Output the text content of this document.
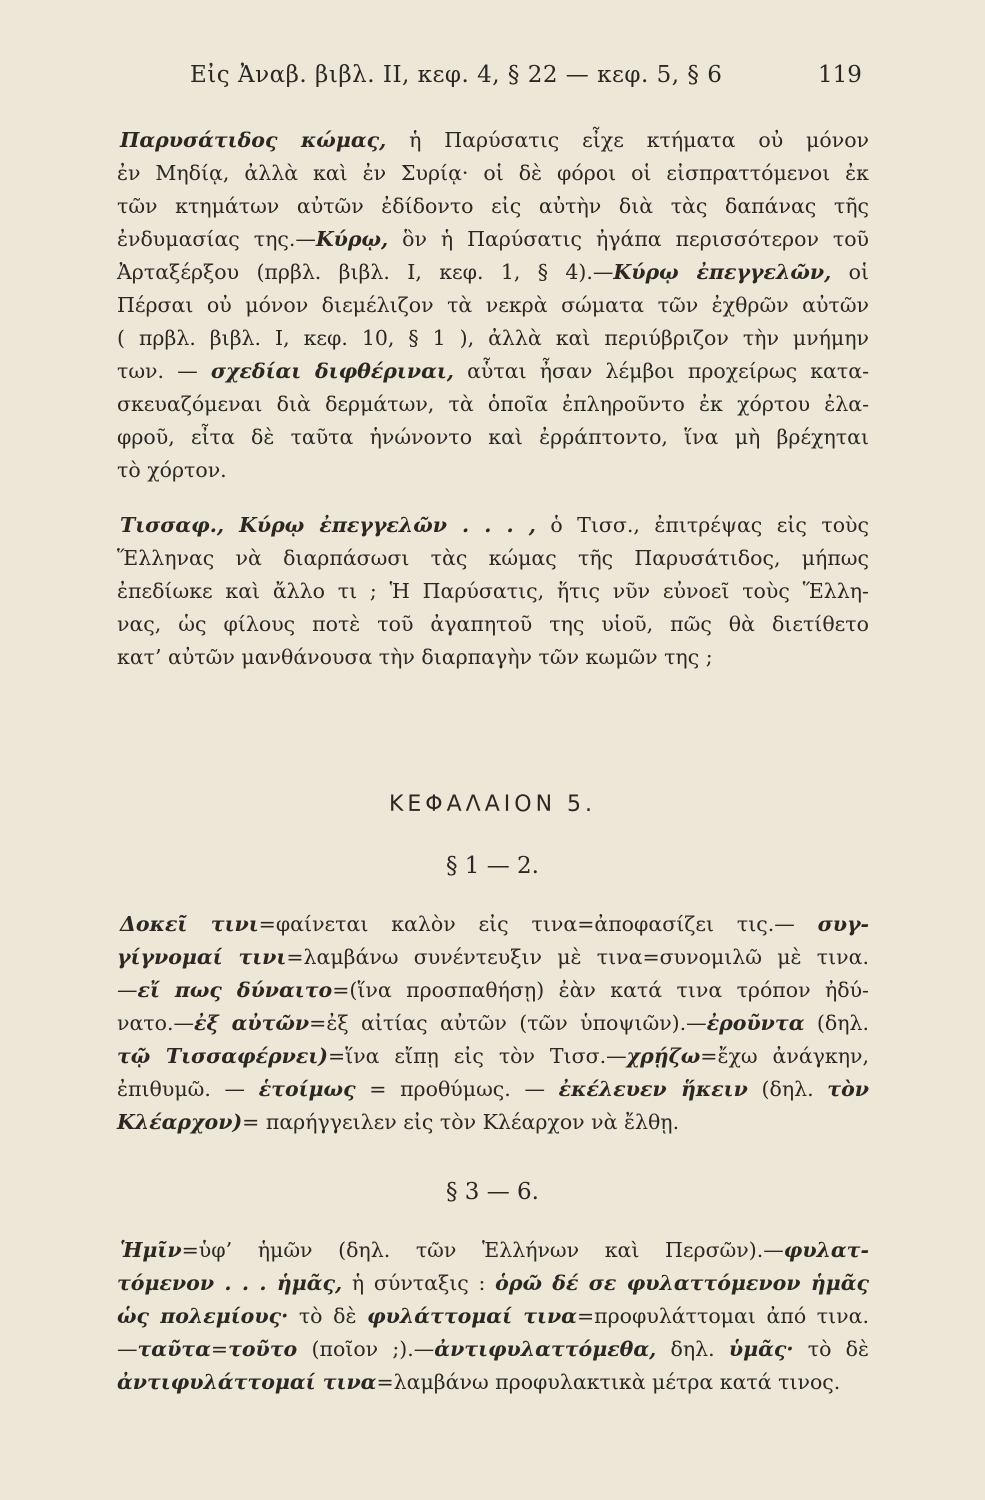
Εἰς Ἀναβ. βιβλ. II, κεφ. 4, § 22 — κεφ. 5, § 6	119
Παρυσάτιδος κώμας, ἡ Παρύσατις εἶχε κτήματα οὐ μόνον
ἐν Μηδίᾳ, ἀλλὰ καὶ ἐν Συρίᾳ· οἱ δὲ φόροι οἱ εἰσπραττόμενοι ἐκ
τῶν κτημάτων αὐτῶν ἐδίδοντο εἰς αὐτὴν διὰ τὰς δαπάνας τῆς
ἐνδυμασίας της.—Κύρῳ, ὃν ἡ Παρύσατις ἠγάπα περισσότερον τοῦ
Ἀρταξέρξου (πρβλ. βιβλ. I, κεφ. 1, § 4).—Κύρῳ ἐπεγγελῶν, οἱ
Πέρσαι οὐ μόνον διεμέλιζον τὰ νεκρὰ σώματα τῶν ἐχθρῶν αὐτῶν
( πρβλ. βιβλ. I, κεφ. 10, § 1 ), ἀλλὰ καὶ περιύβριζον τὴν μνήμην
των. — σχεδίαι διφθέριναι, αὗται ἦσαν λέμβοι προχείρως κατα-
σκευαζόμεναι διὰ δερμάτων, τὰ ὁποῖα ἐπληροῦντο ἐκ χόρτου ἐλα-
φροῦ, εἶτα δὲ ταῦτα ἡνώνοντο καὶ ἐρράπτοντο, ἵνα μὴ βρέχηται
τὸ χόρτον.
Τισσαφ., Κύρῳ ἐπεγγελῶν . . . , ὁ Τισσ., ἐπιτρέψας εἰς τοὺς
Ἕλληνας νὰ διαρπάσωσι τὰς κώμας τῆς Παρυσάτιδος, μήπως
ἐπεδίωκε καὶ ἄλλο τι ; Ἡ Παρύσατις, ἥτις νῦν εὐνοεῖ τοὺς Ἕλλη-
νας, ὡς φίλους ποτὲ τοῦ ἀγαπητοῦ της υἱοῦ, πῶς θὰ διετίθετο
κατ’ αὐτῶν μανθάνουσα τὴν διαρπαγὴν τῶν κωμῶν της ;
ΚΕΦΑΛΑΙΟΝ 5.
§ 1 — 2.
Δοκεῖ τινι=φαίνεται καλὸν εἰς τινα=ἀποφασίζει τις.— συγ-
γίγνομαί τινι=λαμβάνω συνέντευξιν μὲ τινα=συνομιλῶ μὲ τινα.
—εἴ πως δύναιτο=(ἵνα προσπαθήσῃ) ἐὰν κατά τινα τρόπον ἠδύ-
νατο.—ἐξ αὐτῶν=ἐξ αἰτίας αὐτῶν (τῶν ὑποψιῶν).—ἐροῦντα (δηλ.
τῷ Τισσαφέρνει)=ἵνα εἴπῃ εἰς τὸν Τισσ.—χρῄζω=ἔχω ἀνάγκην,
ἐπιθυμῶ. — ἑτοίμως = προθύμως. — ἐκέλευεν ἥκειν (δηλ. τὸν
Κλέαρχον)= παρήγγειλεν εἰς τὸν Κλέαρχον νὰ ἔλθῃ.
§ 3 — 6.
Ἡμῖν=ὑφ’ ἡμῶν (δηλ. τῶν Ἑλλήνων καὶ Περσῶν).—φυλατ-
τόμενον . . . ἡμᾶς, ἡ σύνταξις : ὁρῶ δέ σε φυλαττόμενον ἡμᾶς
ὡς πολεμίους· τὸ δὲ φυλάττομαί τινα=προφυλάττομαι ἀπό τινα.
—ταῦτα=τοῦτο (ποῖον ;).—ἀντιφυλαττόμεθα, δηλ. ὑμᾶς· τὸ δὲ
ἀντιφυλάττομαί τινα=λαμβάνω προφυλακτικὰ μέτρα κατά τινος.
